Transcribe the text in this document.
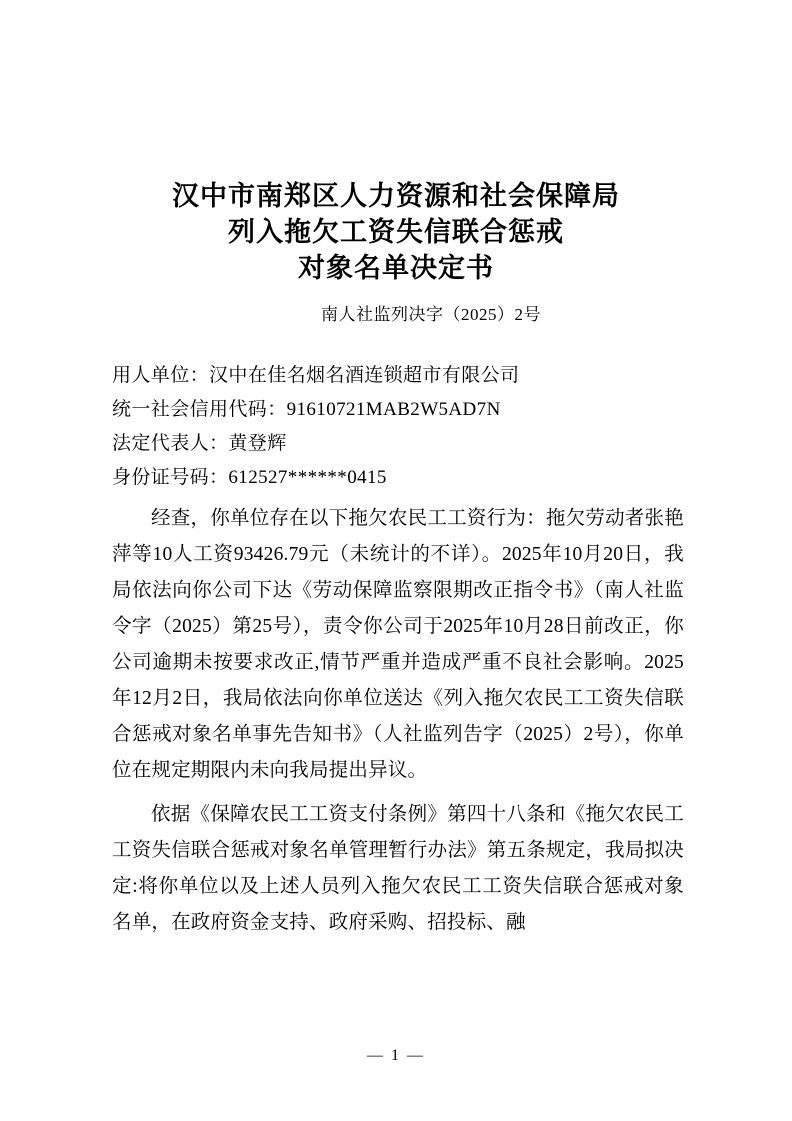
汉中市南郑区人力资源和社会保障局
列入拖欠工资失信联合惩戒
对象名单决定书
南人社监列决字（2025）2号
用人单位：汉中在佳名烟名酒连锁超市有限公司
统一社会信用代码：91610721MAB2W5AD7N
法定代表人：黄登辉
身份证号码：612527******0415

经查，你单位存在以下拖欠农民工工资行为：拖欠劳动者张艳萍等10人工资93426.79元（未统计的不详）。2025年10月20日，我局依法向你公司下达《劳动保障监察限期改正指令书》（南人社监令字（2025）第25号），责令你公司于2025年10月28日前改正，你公司逾期未按要求改正,情节严重并造成严重不良社会影响。2025年12月2日，我局依法向你单位送达《列入拖欠农民工工资失信联合惩戒对象名单事先告知书》（人社监列告字（2025）2号），你单位在规定期限内未向我局提出异议。

依据《保障农民工工资支付条例》第四十八条和《拖欠农民工工资失信联合惩戒对象名单管理暂行办法》第五条规定，我局拟决定:将你单位以及上述人员列入拖欠农民工工资失信联合惩戒对象名单，在政府资金支持、政府采购、招投标、融

— 1 —
